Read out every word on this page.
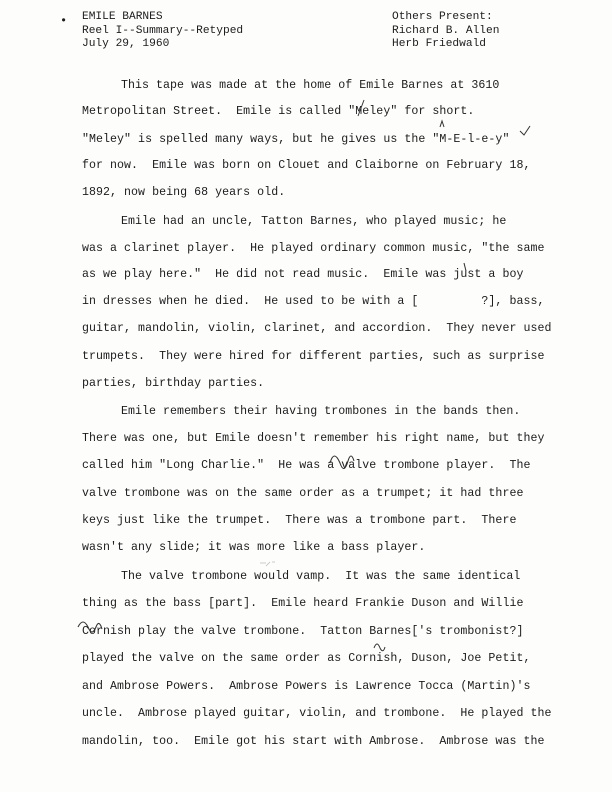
• EMILE BARNES
Reel I--Summary--Retyped
July 29, 1960
Others Present:
Richard B. Allen
Herb Friedwald
This tape was made at the home of Emile Barnes at 3610
Metropolitan Street.  Emile is called "Meley" for short.
"Meley" is spelled many ways, but he gives us the "M-E-l-e-y"
for now.  Emile was born on Clouet and Claiborne on February 18,
1892, now being 68 years old.
Emile had an uncle, Tatton Barnes, who played music; he
was a clarinet player.  He played ordinary common music, "the same
as we play here."  He did not read music.  Emile was just a boy
in dresses when he died.  He used to be with a [         ?], bass,
guitar, mandolin, violin, clarinet, and accordion.  They never used
trumpets.  They were hired for different parties, such as surprise
parties, birthday parties.
Emile remembers their having trombones in the bands then.
There was one, but Emile doesn't remember his right name, but they
called him "Long Charlie."  He was a valve trombone player.  The
valve trombone was on the same order as a trumpet; it had three
keys just like the trumpet.  There was a trombone part.  There
wasn't any slide; it was more like a bass player.
The valve trombone would vamp.  It was the same identical
thing as the bass [part].  Emile heard Frankie Duson and Willie
Cornish play the valve trombone.  Tatton Barnes['s trombonist?]
played the valve on the same order as Cornish, Duson, Joe Petit,
and Ambrose Powers.  Ambrose Powers is Lawrence Tocca (Martin)'s
uncle.  Ambrose played guitar, violin, and trombone.  He played the
mandolin, too.  Emile got his start with Ambrose.  Ambrose was the
